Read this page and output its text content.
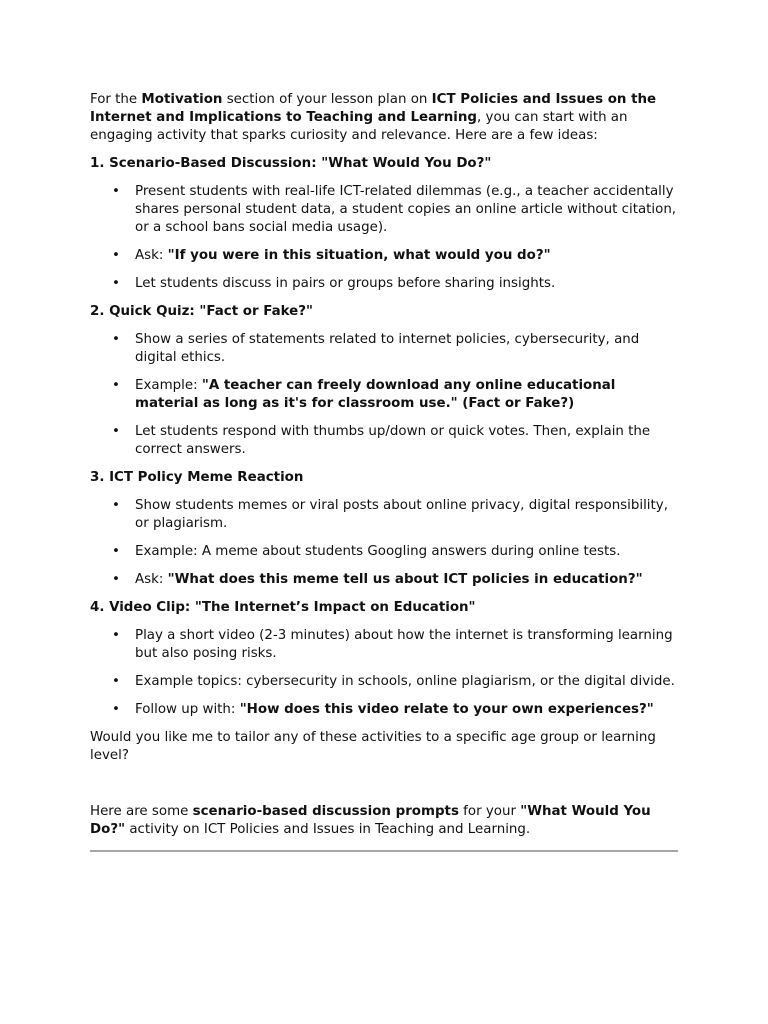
For the Motivation section of your lesson plan on ICT Policies and Issues on the Internet and Implications to Teaching and Learning, you can start with an engaging activity that sparks curiosity and relevance. Here are a few ideas:

1. Scenario-Based Discussion: "What Would You Do?"

• Present students with real-life ICT-related dilemmas (e.g., a teacher accidentally shares personal student data, a student copies an online article without citation, or a school bans social media usage).
• Ask: "If you were in this situation, what would you do?"
• Let students discuss in pairs or groups before sharing insights.

2. Quick Quiz: "Fact or Fake?"

• Show a series of statements related to internet policies, cybersecurity, and digital ethics.
• Example: "A teacher can freely download any online educational material as long as it's for classroom use." (Fact or Fake?)
• Let students respond with thumbs up/down or quick votes. Then, explain the correct answers.

3. ICT Policy Meme Reaction

• Show students memes or viral posts about online privacy, digital responsibility, or plagiarism.
• Example: A meme about students Googling answers during online tests.
• Ask: "What does this meme tell us about ICT policies in education?"

4. Video Clip: "The Internet’s Impact on Education"

• Play a short video (2-3 minutes) about how the internet is transforming learning but also posing risks.
• Example topics: cybersecurity in schools, online plagiarism, or the digital divide.
• Follow up with: "How does this video relate to your own experiences?"

Would you like me to tailor any of these activities to a specific age group or learning level?

Here are some scenario-based discussion prompts for your "What Would You Do?" activity on ICT Policies and Issues in Teaching and Learning.
